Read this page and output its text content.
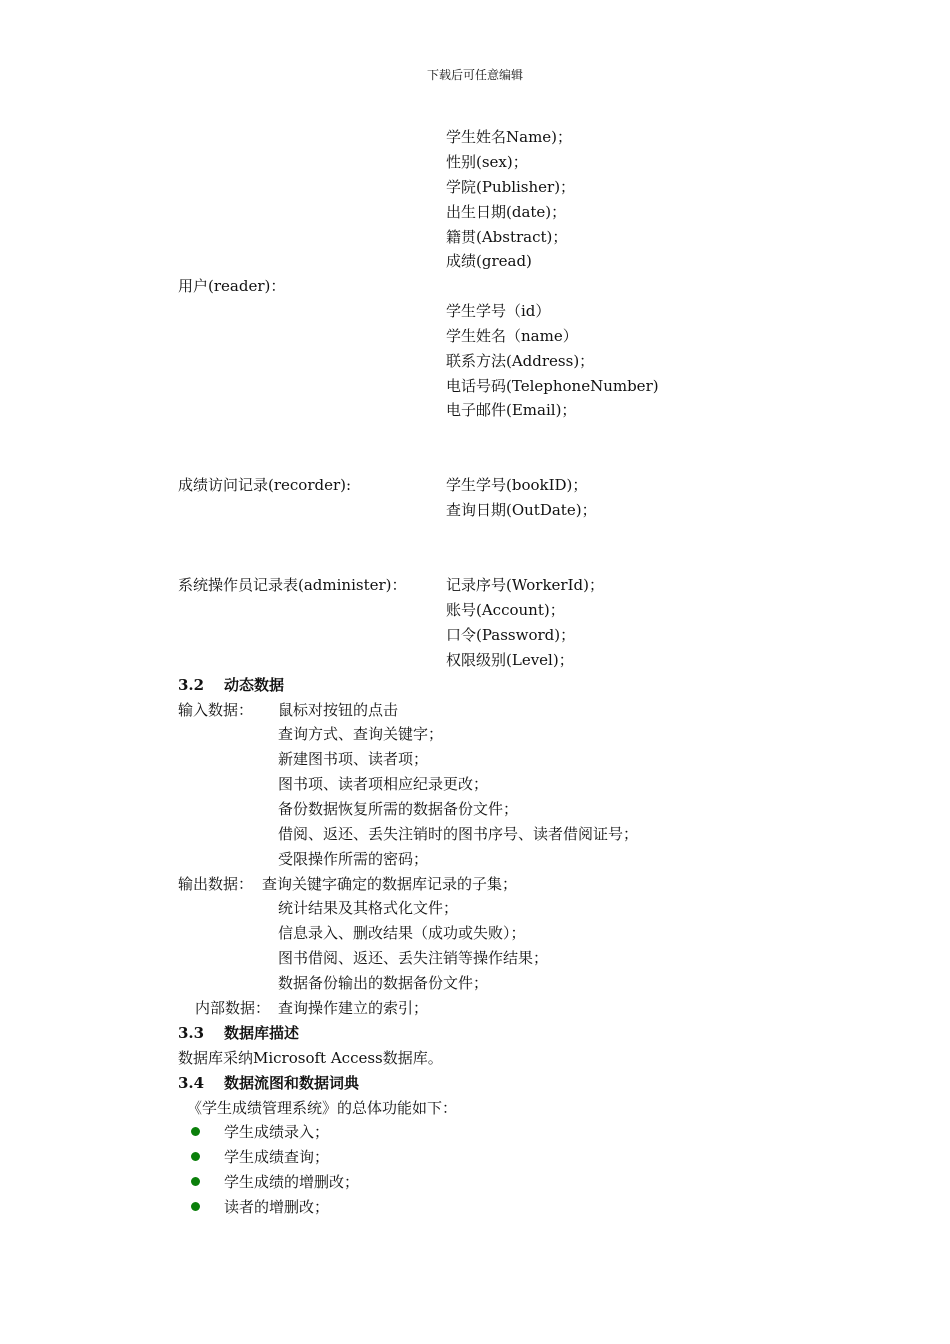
下载后可任意编辑
学生姓名Name)；
性别(sex)；
学院(Publisher)；
出生日期(date)；
籍贯(Abstract)；
成绩(gread)
用户(reader)：
学生学号（id）
学生姓名（name）
联系方法(Address)；
电话号码(TelephoneNumber)
电子邮件(Email)；
成绩访问记录(recorder):	学生学号(bookID)；
查询日期(OutDate)；
系统操作员记录表(administer)：	记录序号(WorkerId)；
账号(Account)；
口令(Password)；
权限级别(Level)；
3.2 动态数据
输入数据： 鼠标对按钮的点击
查询方式、查询关键字；
新建图书项、读者项；
图书项、读者项相应纪录更改；
备份数据恢复所需的数据备份文件；
借阅、返还、丢失注销时的图书序号、读者借阅证号；
受限操作所需的密码；
输出数据： 查询关键字确定的数据库记录的子集；
统计结果及其格式化文件；
信息录入、删改结果（成功或失败）；
图书借阅、返还、丢失注销等操作结果；
数据备份输出的数据备份文件；
内部数据： 查询操作建立的索引；
3.3 数据库描述
数据库采纳Microsoft Access数据库。
3.4 数据流图和数据词典
《学生成绩管理系统》的总体功能如下：
学生成绩录入；
学生成绩查询；
学生成绩的增删改；
读者的增删改；
